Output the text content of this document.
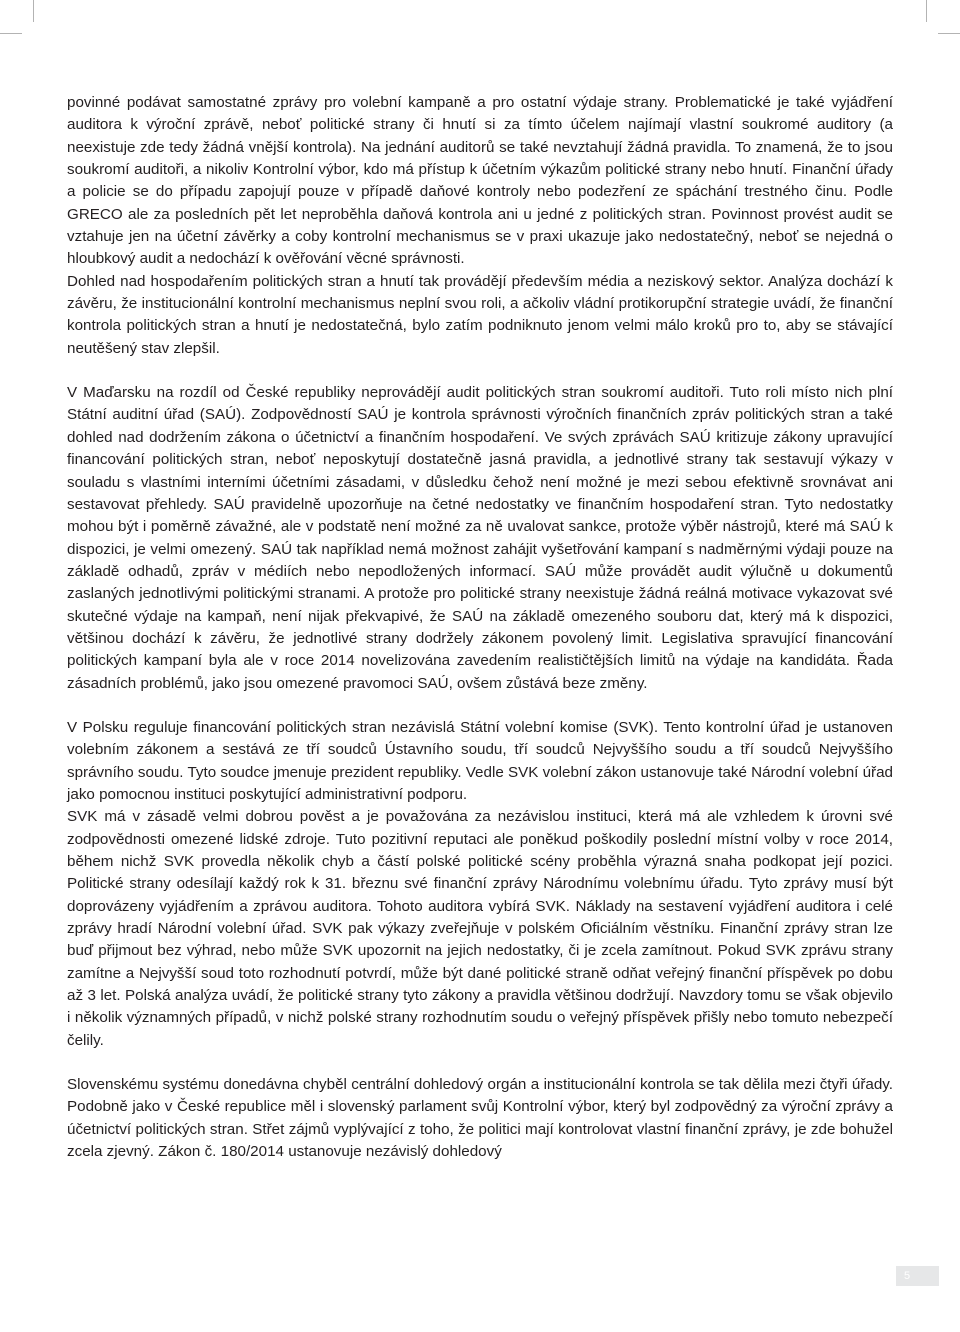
povinné podávat samostatné zprávy pro volební kampaně a pro ostatní výdaje strany. Problematické je také vyjádření auditora k výroční zprávě, neboť politické strany či hnutí si za tímto účelem najímají vlastní soukromé auditory (a neexistuje zde tedy žádná vnější kontrola). Na jednání auditorů se také nevztahují žádná pravidla. To znamená, že to jsou soukromí auditoři, a nikoliv Kontrolní výbor, kdo má přístup k účetním výkazům politické strany nebo hnutí. Finanční úřady a policie se do případu zapojují pouze v případě daňové kontroly nebo podezření ze spáchání trestného činu. Podle GRECO ale za posledních pět let neproběhla daňová kontrola ani u jedné z politických stran. Povinnost provést audit se vztahuje jen na účetní závěrky a coby kontrolní mechanismus se v praxi ukazuje jako nedostatečný, neboť se nejedná o hloubkový audit a nedochází k ověřování věcné správnosti.

Dohled nad hospodařením politických stran a hnutí tak provádějí především média a neziskový sektor. Analýza dochází k závěru, že institucionální kontrolní mechanismus neplní svou roli, a ačkoliv vládní protikorupční strategie uvádí, že finanční kontrola politických stran a hnutí je nedostatečná, bylo zatím podniknuto jenom velmi málo kroků pro to, aby se stávající neutěšený stav zlepšil.

V Maďarsku na rozdíl od České republiky neprovádějí audit politických stran soukromí auditoři. Tuto roli místo nich plní Státní auditní úřad (SAÚ). Zodpovědností SAÚ je kontrola správnosti výročních finančních zpráv politických stran a také dohled nad dodržením zákona o účetnictví a finančním hospodaření. Ve svých zprávách SAÚ kritizuje zákony upravující financování politických stran, neboť neposkytují dostatečně jasná pravidla, a jednotlivé strany tak sestavují výkazy v souladu s vlastními interními účetními zásadami, v důsledku čehož není možné je mezi sebou efektivně srovnávat ani sestavovat přehledy. SAÚ pravidelně upozorňuje na četné nedostatky ve finančním hospodaření stran. Tyto nedostatky mohou být i poměrně závažné, ale v podstatě není možné za ně uvalovat sankce, protože výběr nástrojů, které má SAÚ k dispozici, je velmi omezený. SAÚ tak například nemá možnost zahájit vyšetřování kampaní s nadměrnými výdaji pouze na základě odhadů, zpráv v médiích nebo nepodložených informací. SAÚ může provádět audit výlučně u dokumentů zaslaných jednotlivými politickými stranami. A protože pro politické strany neexistuje žádná reálná motivace vykazovat své skutečné výdaje na kampaň, není nijak překvapivé, že SAÚ na základě omezeného souboru dat, který má k dispozici, většinou dochází k závěru, že jednotlivé strany dodržely zákonem povolený limit. Legislativa spravující financování politických kampaní byla ale v roce 2014 novelizována zavedením realističtějších limitů na výdaje na kandidáta. Řada zásadních problémů, jako jsou omezené pravomoci SAÚ, ovšem zůstává beze změny.

V Polsku reguluje financování politických stran nezávislá Státní volební komise (SVK). Tento kontrolní úřad je ustanoven volebním zákonem a sestává ze tří soudců Ústavního soudu, tří soudců Nejvyššího soudu a tří soudců Nejvyššího správního soudu. Tyto soudce jmenuje prezident republiky. Vedle SVK volební zákon ustanovuje také Národní volební úřad jako pomocnou instituci poskytující administrativní podporu.

SVK má v zásadě velmi dobrou pověst a je považována za nezávislou instituci, která má ale vzhledem k úrovni své zodpovědnosti omezené lidské zdroje. Tuto pozitivní reputaci ale poněkud poškodily poslední místní volby v roce 2014, během nichž SVK provedla několik chyb a částí polské politické scény proběhla výrazná snaha podkopat její pozici. Politické strany odesílají každý rok k 31. březnu své finanční zprávy Národnímu volebnímu úřadu. Tyto zprávy musí být doprovázeny vyjádřením a zprávou auditora. Tohoto auditora vybírá SVK. Náklady na sestavení vyjádření auditora i celé zprávy hradí Národní volební úřad. SVK pak výkazy zveřejňuje v polském Oficiálním věstníku. Finanční zprávy stran lze buď přijmout bez výhrad, nebo může SVK upozornit na jejich nedostatky, či je zcela zamítnout. Pokud SVK zprávu strany zamítne a Nejvyšší soud toto rozhodnutí potvrdí, může být dané politické straně odňat veřejný finanční příspěvek po dobu až 3 let. Polská analýza uvádí, že politické strany tyto zákony a pravidla většinou dodržují. Navzdory tomu se však objevilo i několik významných případů, v nichž polské strany rozhodnutím soudu o veřejný příspěvek přišly nebo tomuto nebezpečí čelily.

Slovenskému systému donedávna chyběl centrální dohledový orgán a institucionální kontrola se tak dělila mezi čtyři úřady. Podobně jako v České republice měl i slovenský parlament svůj Kontrolní výbor, který byl zodpovědný za výroční zprávy a účetnictví politických stran. Střet zájmů vyplývající z toho, že politici mají kontrolovat vlastní finanční zprávy, je zde bohužel zcela zjevný. Zákon č. 180/2014 ustanovuje nezávislý dohledový

5
